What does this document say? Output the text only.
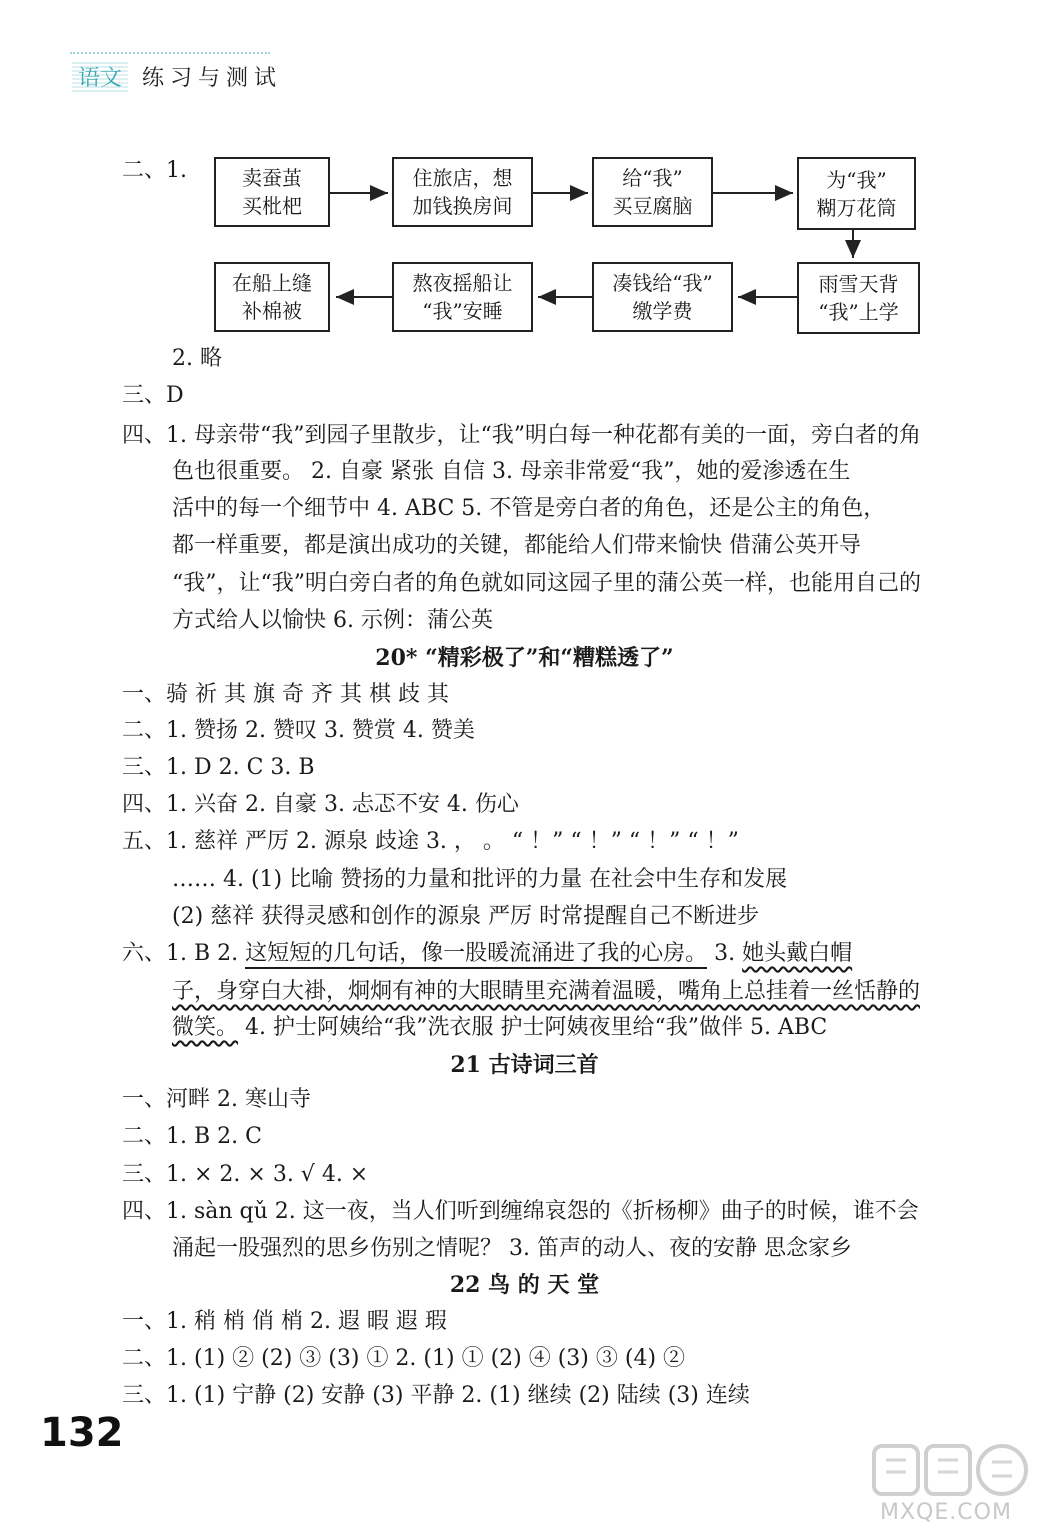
语文 练习与测试
二、1.	卖蚕茧
买枇杷
住旅店，想
加钱换房间
给“我”
买豆腐脑
为“我”
糊万花筒
雨雪天背
“我”上学
凑钱给“我”
缴学费
熬夜摇船让
“我”安睡
在船上缝
补棉被
2. 略
三、D
四、1. 母亲带“我”到园子里散步，让“我”明白每一种花都有美的一面，旁白者的角
色也很重要。 2. 自豪 紧张 自信 3. 母亲非常爱“我”，她的爱渗透在生
活中的每一个细节中 4. ABC 5. 不管是旁白者的角色，还是公主的角色，
都一样重要，都是演出成功的关键，都能给人们带来愉快 借蒲公英开导
“我”，让“我”明白旁白者的角色就如同这园子里的蒲公英一样，也能用自己的
方式给人以愉快 6. 示例：蒲公英
20* “精彩极了”和“糟糕透了”
一、骑 祈 其 旗 奇 齐 其 棋 歧 其
二、1. 赞扬 2. 赞叹 3. 赞赏 4. 赞美
三、1. D 2. C 3. B
四、1. 兴奋 2. 自豪 3. 忐忑不安 4. 伤心
五、1. 慈祥 严厉 2. 源泉 歧途 3. ， 。 “ ！” “ ！” “ ！” “ ！”
…… 4. (1) 比喻 赞扬的力量和批评的力量 在社会中生存和发展
(2) 慈祥 获得灵感和创作的源泉 严厉 时常提醒自己不断进步
六、1. B 2. 这短短的几句话，像一股暖流涌进了我的心房。 3. 她头戴白帽
子，身穿白大褂，炯炯有神的大眼睛里充满着温暖，嘴角上总挂着一丝恬静的
微笑。 4. 护士阿姨给“我”洗衣服 护士阿姨夜里给“我”做伴 5. ABC
21 古诗词三首
一、河畔 2. 寒山寺
二、1. B 2. C
三、1. × 2. × 3. √ 4. ×
四、1. sàn qǔ 2. 这一夜，当人们听到缠绵哀怨的《折杨柳》曲子的时候，谁不会
涌起一股强烈的思乡伤别之情呢？ 3. 笛声的动人、夜的安静 思念家乡
22 鸟 的 天 堂
一、1. 稍 梢 俏 梢 2. 遐 暇 遐 瑕
二、1. (1) ② (2) ③ (3) ① 2. (1) ① (2) ④ (3) ③ (4) ②
三、1. (1) 宁静 (2) 安静 (3) 平静 2. (1) 继续 (2) 陆续 (3) 连续
132
MXQE.COM
